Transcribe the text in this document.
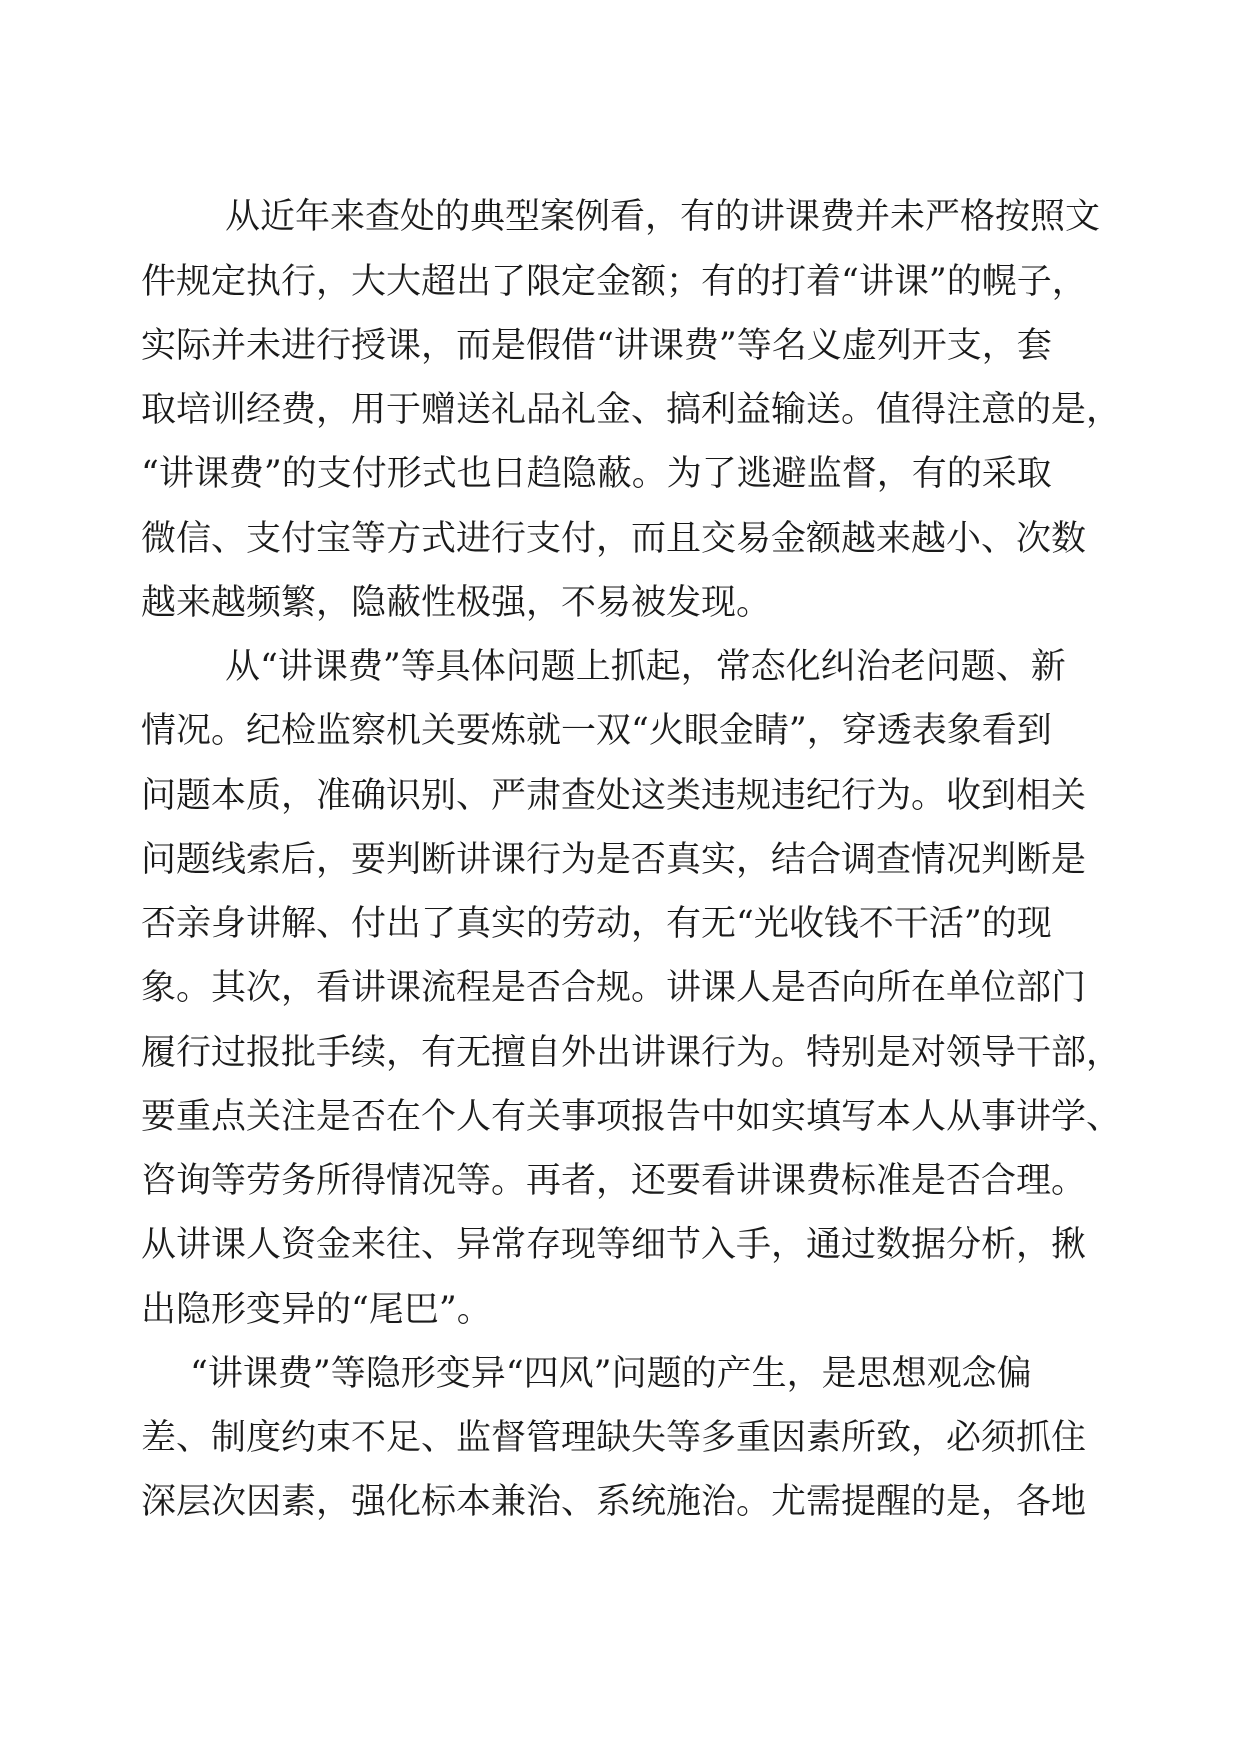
从近年来查处的典型案例看，有的讲课费并未严格按照文

件规定执行，大大超出了限定金额；有的打着“讲课”的幌子，

实际并未进行授课，而是假借“讲课费”等名义虚列开支，套

取培训经费，用于赠送礼品礼金、搞利益输送。值得注意的是，

“讲课费”的支付形式也日趋隐蔽。为了逃避监督，有的采取

微信、支付宝等方式进行支付，而且交易金额越来越小、次数

越来越频繁，隐蔽性极强，不易被发现。

从“讲课费”等具体问题上抓起，常态化纠治老问题、新

情况。纪检监察机关要炼就一双“火眼金睛”，穿透表象看到

问题本质，准确识别、严肃查处这类违规违纪行为。收到相关

问题线索后，要判断讲课行为是否真实，结合调查情况判断是

否亲身讲解、付出了真实的劳动，有无“光收钱不干活”的现

象。其次，看讲课流程是否合规。讲课人是否向所在单位部门

履行过报批手续，有无擅自外出讲课行为。特别是对领导干部，

要重点关注是否在个人有关事项报告中如实填写本人从事讲学、

咨询等劳务所得情况等。再者，还要看讲课费标准是否合理。

从讲课人资金来往、异常存现等细节入手，通过数据分析，揪

出隐形变异的“尾巴”。

“讲课费”等隐形变异“四风”问题的产生，是思想观念偏

差、制度约束不足、监督管理缺失等多重因素所致，必须抓住

深层次因素，强化标本兼治、系统施治。尤需提醒的是，各地
